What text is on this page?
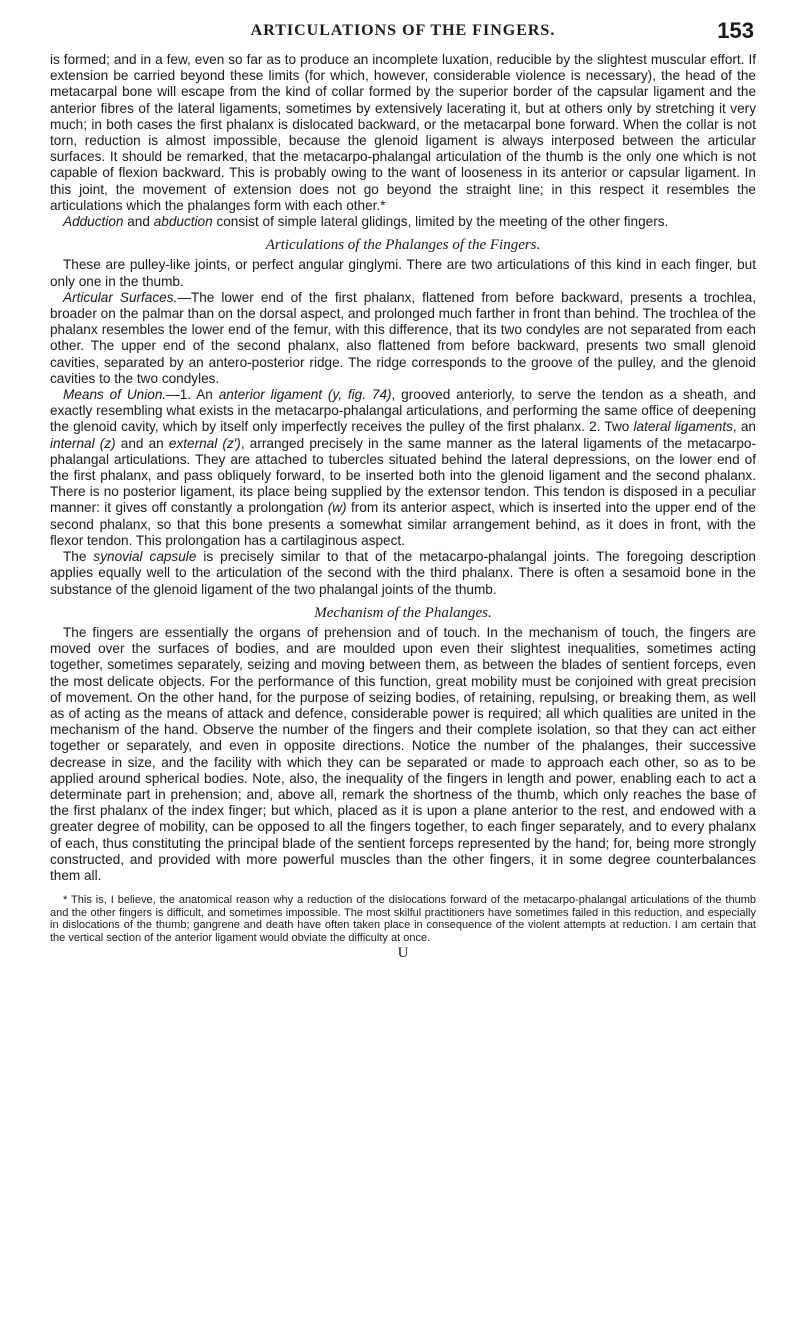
ARTICULATIONS OF THE FINGERS.	153

is formed; and in a few, even so far as to produce an incomplete luxation, reducible by the slightest muscular effort. If extension be carried beyond these limits (for which, however, considerable violence is necessary), the head of the metacarpal bone will escape from the kind of collar formed by the superior border of the capsular ligament and the anterior fibres of the lateral ligaments, sometimes by extensively lacerating it, but at others only by stretching it very much; in both cases the first phalanx is dislocated backward, or the metacarpal bone forward. When the collar is not torn, reduction is almost impossible, because the glenoid ligament is always interposed between the articular surfaces. It should be remarked, that the metacarpo-phalangal articulation of the thumb is the only one which is not capable of flexion backward. This is probably owing to the want of looseness in its anterior or capsular ligament. In this joint, the movement of extension does not go beyond the straight line; in this respect it resembles the articulations which the phalanges form with each other.*

Adduction and abduction consist of simple lateral glidings, limited by the meeting of the other fingers.

Articulations of the Phalanges of the Fingers.

These are pulley-like joints, or perfect angular ginglymi. There are two articulations of this kind in each finger, but only one in the thumb.

Articular Surfaces.—The lower end of the first phalanx, flattened from before backward, presents a trochlea, broader on the palmar than on the dorsal aspect, and prolonged much farther in front than behind. The trochlea of the phalanx resembles the lower end of the femur, with this difference, that its two condyles are not separated from each other. The upper end of the second phalanx, also flattened from before backward, presents two small glenoid cavities, separated by an antero-posterior ridge. The ridge corresponds to the groove of the pulley, and the glenoid cavities to the two condyles.

Means of Union.—1. An anterior ligament (y, fig. 74), grooved anteriorly, to serve the tendon as a sheath, and exactly resembling what exists in the metacarpo-phalangal articulations, and performing the same office of deepening the glenoid cavity, which by itself only imperfectly receives the pulley of the first phalanx. 2. Two lateral ligaments, an internal (z) and an external (z′), arranged precisely in the same manner as the lateral ligaments of the metacarpo-phalangal articulations. They are attached to tubercles situated behind the lateral depressions, on the lower end of the first phalanx, and pass obliquely forward, to be inserted both into the glenoid ligament and the second phalanx. There is no posterior ligament, its place being supplied by the extensor tendon. This tendon is disposed in a peculiar manner: it gives off constantly a prolongation (w) from its anterior aspect, which is inserted into the upper end of the second phalanx, so that this bone presents a somewhat similar arrangement behind, as it does in front, with the flexor tendon. This prolongation has a cartilaginous aspect.

The synovial capsule is precisely similar to that of the metacarpo-phalangal joints. The foregoing description applies equally well to the articulation of the second with the third phalanx. There is often a sesamoid bone in the substance of the glenoid ligament of the two phalangal joints of the thumb.

Mechanism of the Phalanges.

The fingers are essentially the organs of prehension and of touch. In the mechanism of touch, the fingers are moved over the surfaces of bodies, and are moulded upon even their slightest inequalities, sometimes acting together, sometimes separately, seizing and moving between them, as between the blades of sentient forceps, even the most delicate objects. For the performance of this function, great mobility must be conjoined with great precision of movement. On the other hand, for the purpose of seizing bodies, of retaining, repulsing, or breaking them, as well as of acting as the means of attack and defence, considerable power is required; all which qualities are united in the mechanism of the hand. Observe the number of the fingers and their complete isolation, so that they can act either together or separately, and even in opposite directions. Notice the number of the phalanges, their successive decrease in size, and the facility with which they can be separated or made to approach each other, so as to be applied around spherical bodies. Note, also, the inequality of the fingers in length and power, enabling each to act a determinate part in prehension; and, above all, remark the shortness of the thumb, which only reaches the base of the first phalanx of the index finger; but which, placed as it is upon a plane anterior to the rest, and endowed with a greater degree of mobility, can be opposed to all the fingers together, to each finger separately, and to every phalanx of each, thus constituting the principal blade of the sentient forceps represented by the hand; for, being more strongly constructed, and provided with more powerful muscles than the other fingers, it in some degree counterbalances them all.

* This is, I believe, the anatomical reason why a reduction of the dislocations forward of the metacarpo-phalangal articulations of the thumb and the other fingers is difficult, and sometimes impossible. The most skilful practitioners have sometimes failed in this reduction, and especially in dislocations of the thumb; gangrene and death have often taken place in consequence of the violent attempts at reduction. I am certain that the vertical section of the anterior ligament would obviate the difficulty at once.
U
